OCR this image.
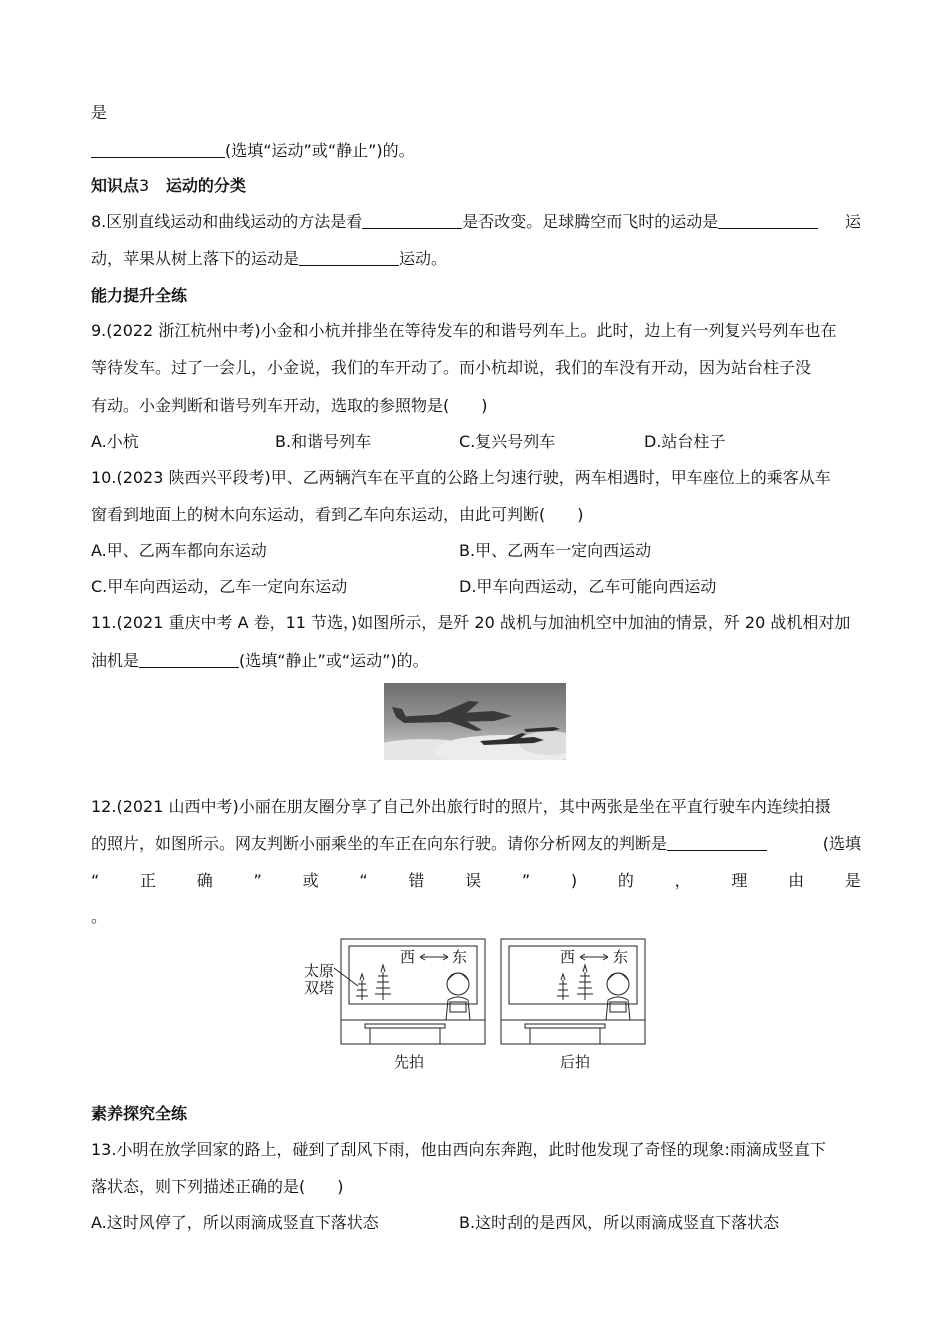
是
(选填“运动”或“静止”)的。
知识点3 运动的分类
8.区别直线运动和曲线运动的方法是看	是否改变。足球腾空而飞时的运动是	运
动，苹果从树上落下的运动是	运动。
能力提升全练
9.(2022 浙江杭州中考)小金和小杭并排坐在等待发车的和谐号列车上。此时，边上有一列复兴号列车也在
等待发车。过了一会儿，小金说，我们的车开动了。而小杭却说，我们的车没有开动，因为站台柱子没
有动。小金判断和谐号列车开动，选取的参照物是(　　)
A.小杭	B.和谐号列车	C.复兴号列车	D.站台柱子
10.(2023 陕西兴平段考)甲、乙两辆汽车在平直的公路上匀速行驶，两车相遇时，甲车座位上的乘客从车
窗看到地面上的树木向东运动，看到乙车向东运动，由此可判断(　　)
A.甲、乙两车都向东运动	B.甲、乙两车一定向西运动
C.甲车向西运动，乙车一定向东运动	D.甲车向西运动，乙车可能向西运动
11.(2021 重庆中考 A 卷，11 节选，)如图所示，是歼 20 战机与加油机空中加油的情景，歼 20 战机相对加
油机是	(选填“静止”或“运动”)的。
12.(2021 山西中考)小丽在朋友圈分享了自己外出旅行时的照片，其中两张是坐在平直行驶车内连续拍摄
的照片，如图所示。网友判断小丽乘坐的车正在向东行驶。请你分析网友的判断是	(选填
“	正	确	”	或	“	错	误	”	)	的	，	理	由	是
。
西 东
太原
双塔
西	东
先拍	后拍
素养探究全练
13.小明在放学回家的路上，碰到了刮风下雨，他由西向东奔跑，此时他发现了奇怪的现象:雨滴成竖直下
落状态，则下列描述正确的是(　　)
A.这时风停了，所以雨滴成竖直下落状态	B.这时刮的是西风，所以雨滴成竖直下落状态
